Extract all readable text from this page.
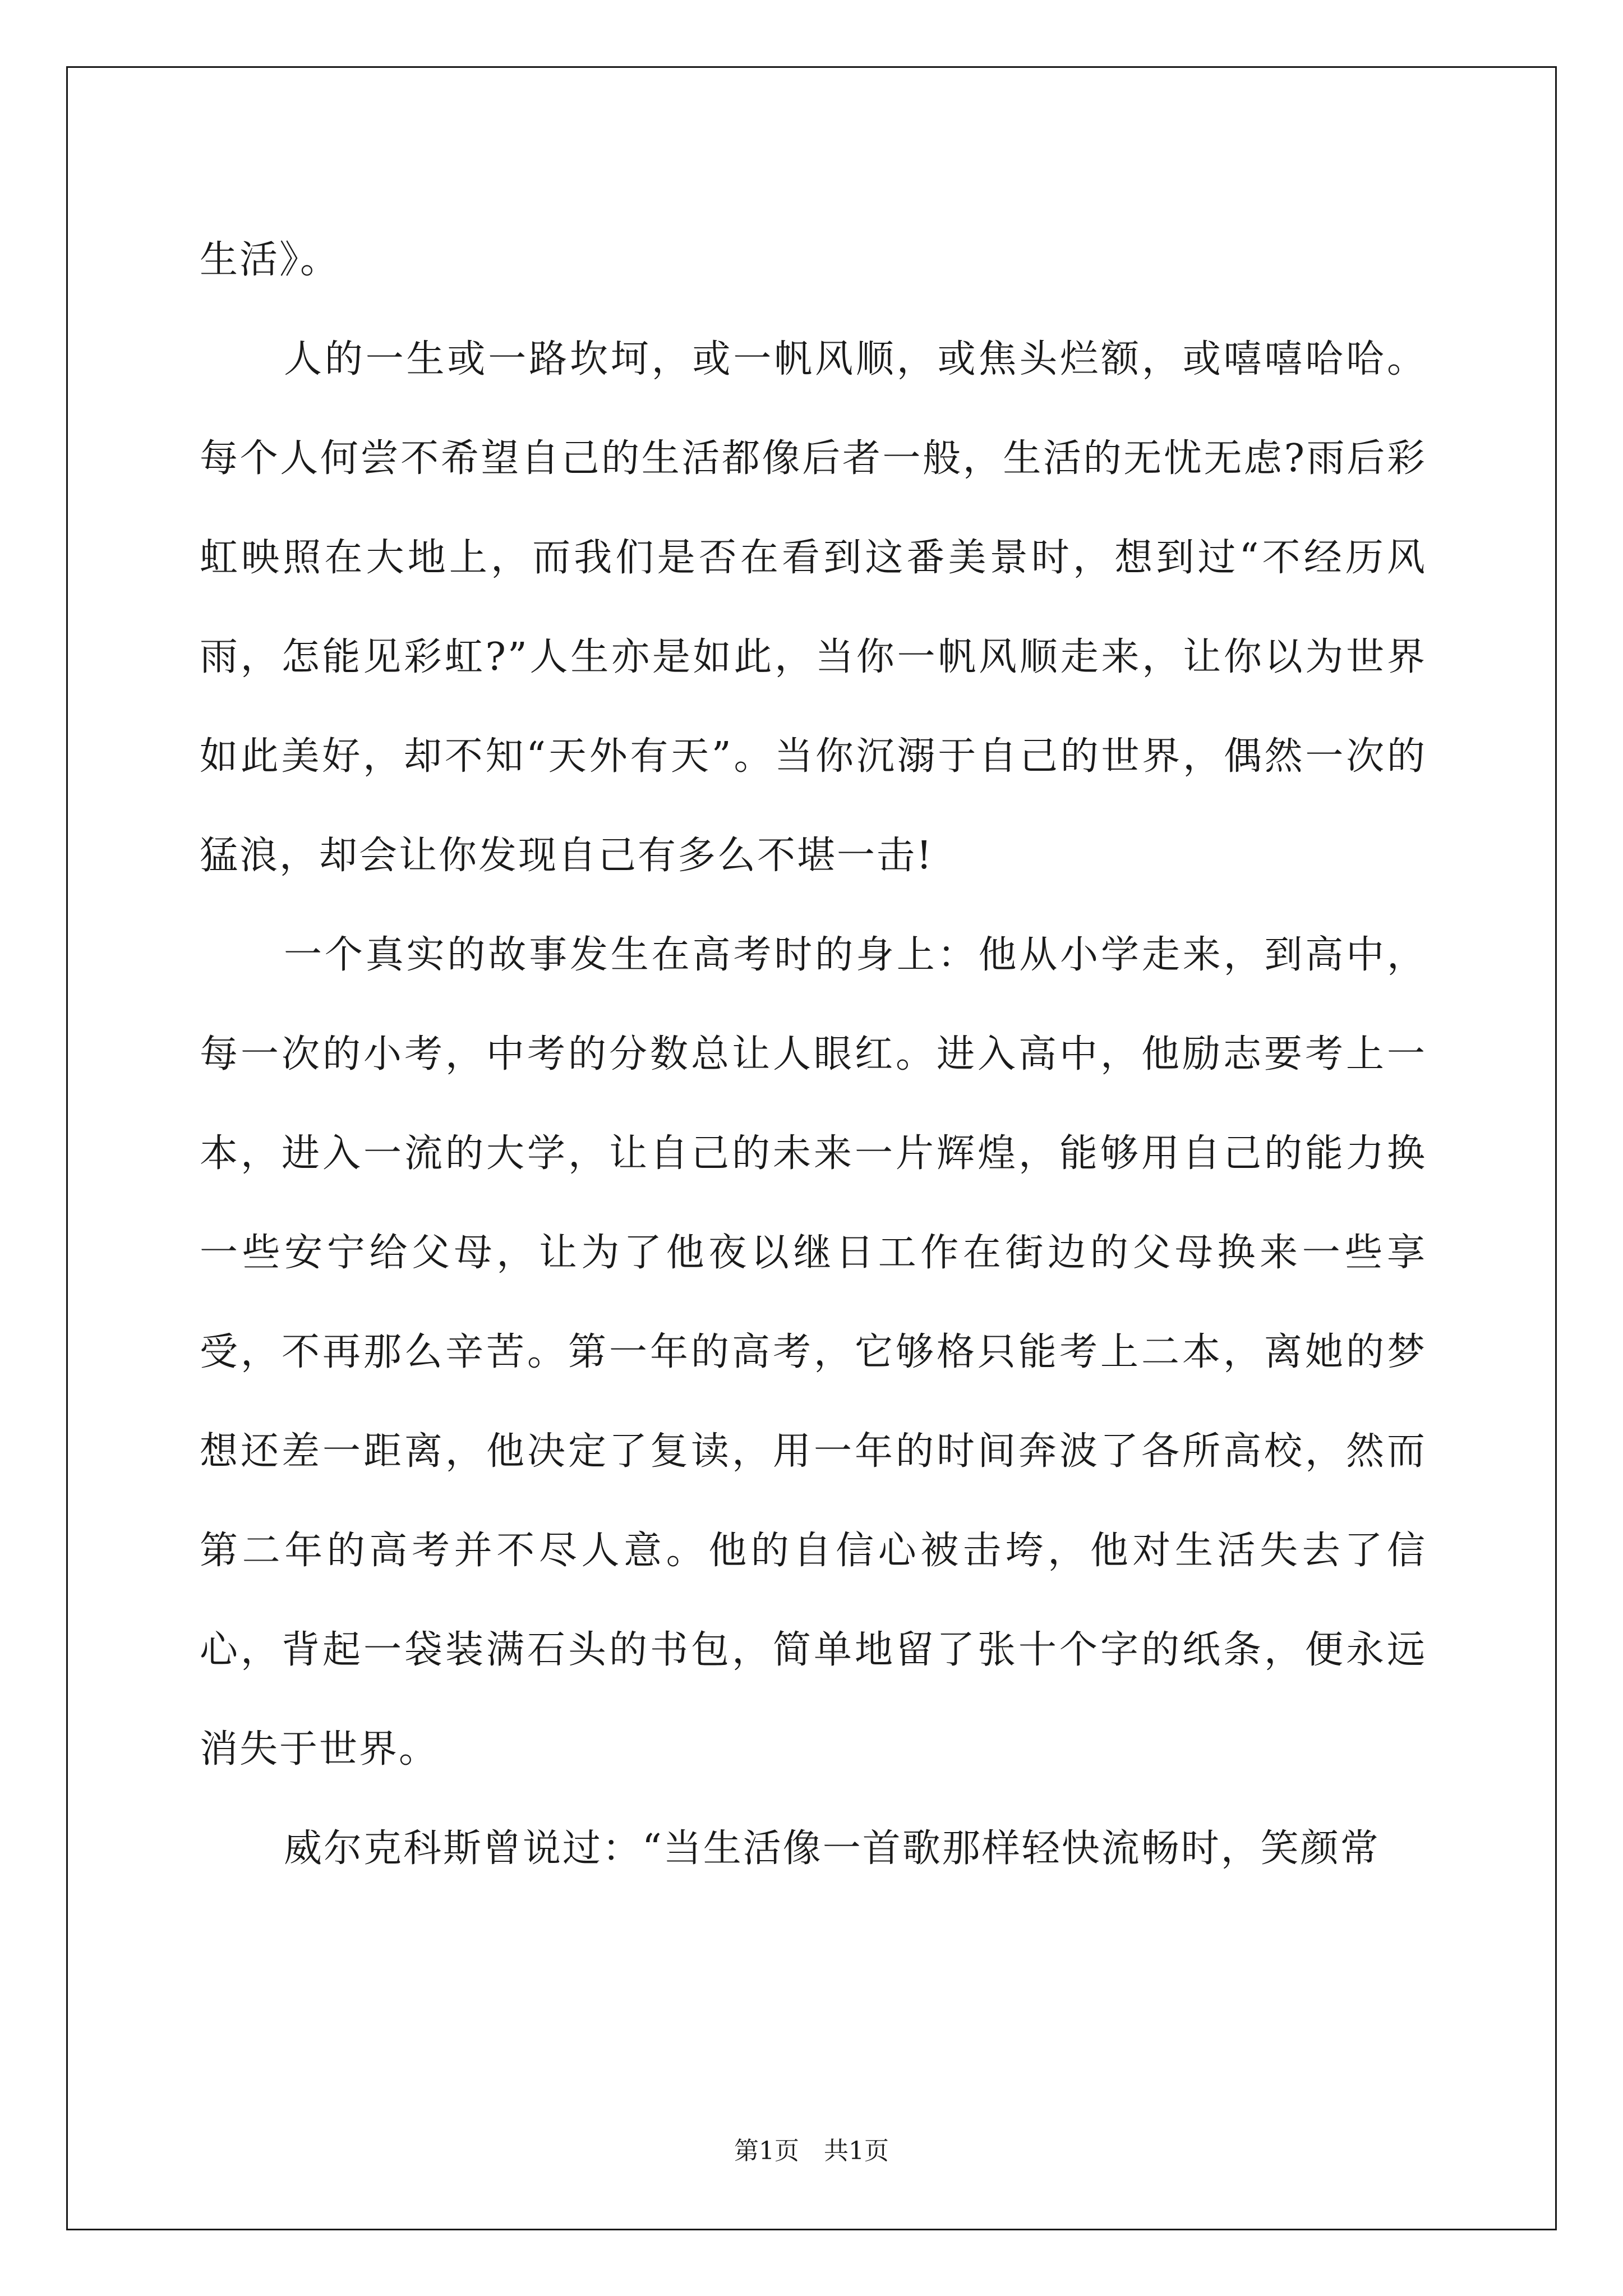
生活》。

人的一生或一路坎坷，或一帆风顺，或焦头烂额，或嘻嘻哈哈。每个人何尝不希望自己的生活都像后者一般，生活的无忧无虑?雨后彩虹映照在大地上，而我们是否在看到这番美景时，想到过“不经历风雨，怎能见彩虹?”人生亦是如此，当你一帆风顺走来，让你以为世界如此美好，却不知“天外有天”。当你沉溺于自己的世界，偶然一次的猛浪，却会让你发现自己有多么不堪一击!

一个真实的故事发生在高考时的身上：他从小学走来，到高中，每一次的小考，中考的分数总让人眼红。进入高中，他励志要考上一本，进入一流的大学，让自己的未来一片辉煌，能够用自己的能力换一些安宁给父母，让为了他夜以继日工作在街边的父母换来一些享受，不再那么辛苦。第一年的高考，它够格只能考上二本，离她的梦想还差一距离，他决定了复读，用一年的时间奔波了各所高校，然而第二年的高考并不尽人意。他的自信心被击垮，他对生活失去了信心，背起一袋装满石头的书包，简单地留了张十个字的纸条，便永远消失于世界。

威尔克科斯曾说过：“当生活像一首歌那样轻快流畅时，笑颜常

第1页　共1页
